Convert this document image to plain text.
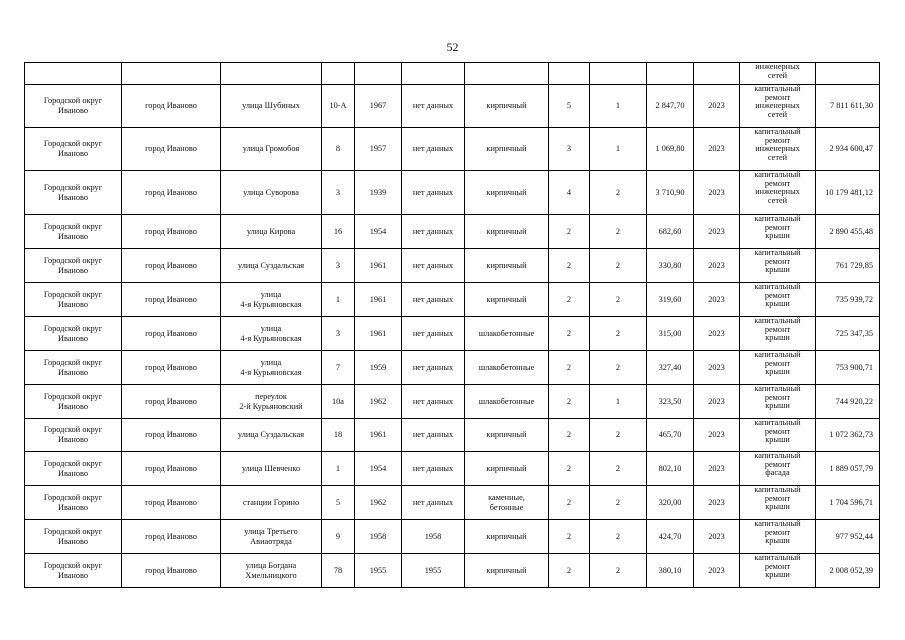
52
											инженерных
сетей	
Городской округ
Иваново	город Иваново	улица Шубиных	10-А	1967	нет данных	кирпичный	5	1	2 847,70	2023	капитальный
ремонт
инженерных
сетей	7 811 611,30
Городской округ
Иваново	город Иваново	улица Громобоя	8	1957	нет данных	кирпичный	3	1	1 069,80	2023	капитальный
ремонт
инженерных
сетей	2 934 600,47
Городской округ
Иваново	город Иваново	улица Суворова	3	1939	нет данных	кирпичный	4	2	3 710,90	2023	капитальный
ремонт
инженерных
сетей	10 179 481,12
Городской округ
Иваново	город Иваново	улица Кирова	16	1954	нет данных	кирпичный	2	2	682,60	2023	капитальный
ремонт
крыши	2 890 455,48
Городской округ
Иваново	город Иваново	улица Суздальская	3	1961	нет данных	кирпичный	2	2	330,80	2023	капитальный
ремонт
крыши	761 729,85
Городской округ
Иваново	город Иваново	улица
4-я Курьяновская	1	1961	нет данных	кирпичный	2	2	319,60	2023	капитальный
ремонт
крыши	735 939,72
Городской округ
Иваново	город Иваново	улица
4-я Курьяновская	3	1961	нет данных	шлакобетонные	2	2	315,00	2023	капитальный
ремонт
крыши	725 347,35
Городской округ
Иваново	город Иваново	улица
4-я Курьяновская	7	1959	нет данных	шлакобетонные	2	2	327,40	2023	капитальный
ремонт
крыши	753 900,71
Городской округ
Иваново	город Иваново	переулок
2-й Курьяновский	10а	1962	нет данных	шлакобетонные	2	1	323,50	2023	капитальный
ремонт
крыши	744 920,22
Городской округ
Иваново	город Иваново	улица Суздальская	18	1961	нет данных	кирпичный	2	2	465,70	2023	капитальный
ремонт
крыши	1 072 362,73
Городской округ
Иваново	город Иваново	улица Шевченко	1	1954	нет данных	кирпичный	2	2	802,10	2023	капитальный
ремонт
фасада	1 889 057,79
Городской округ
Иваново	город Иваново	станции Горино	5	1962	нет данных	каменные,
бетонные	2	2	320,00	2023	капитальный
ремонт
крыши	1 704 596,71
Городской округ
Иваново	город Иваново	улица Третьего
Авиаотряда	9	1958	1958	кирпичный	2	2	424,70	2023	капитальный
ремонт
крыши	977 952,44
Городской округ
Иваново	город Иваново	улица Богдана
Хмельницкого	78	1955	1955	кирпичный	2	2	380,10	2023	капитальный
ремонт
крыши	2 008 052,39
